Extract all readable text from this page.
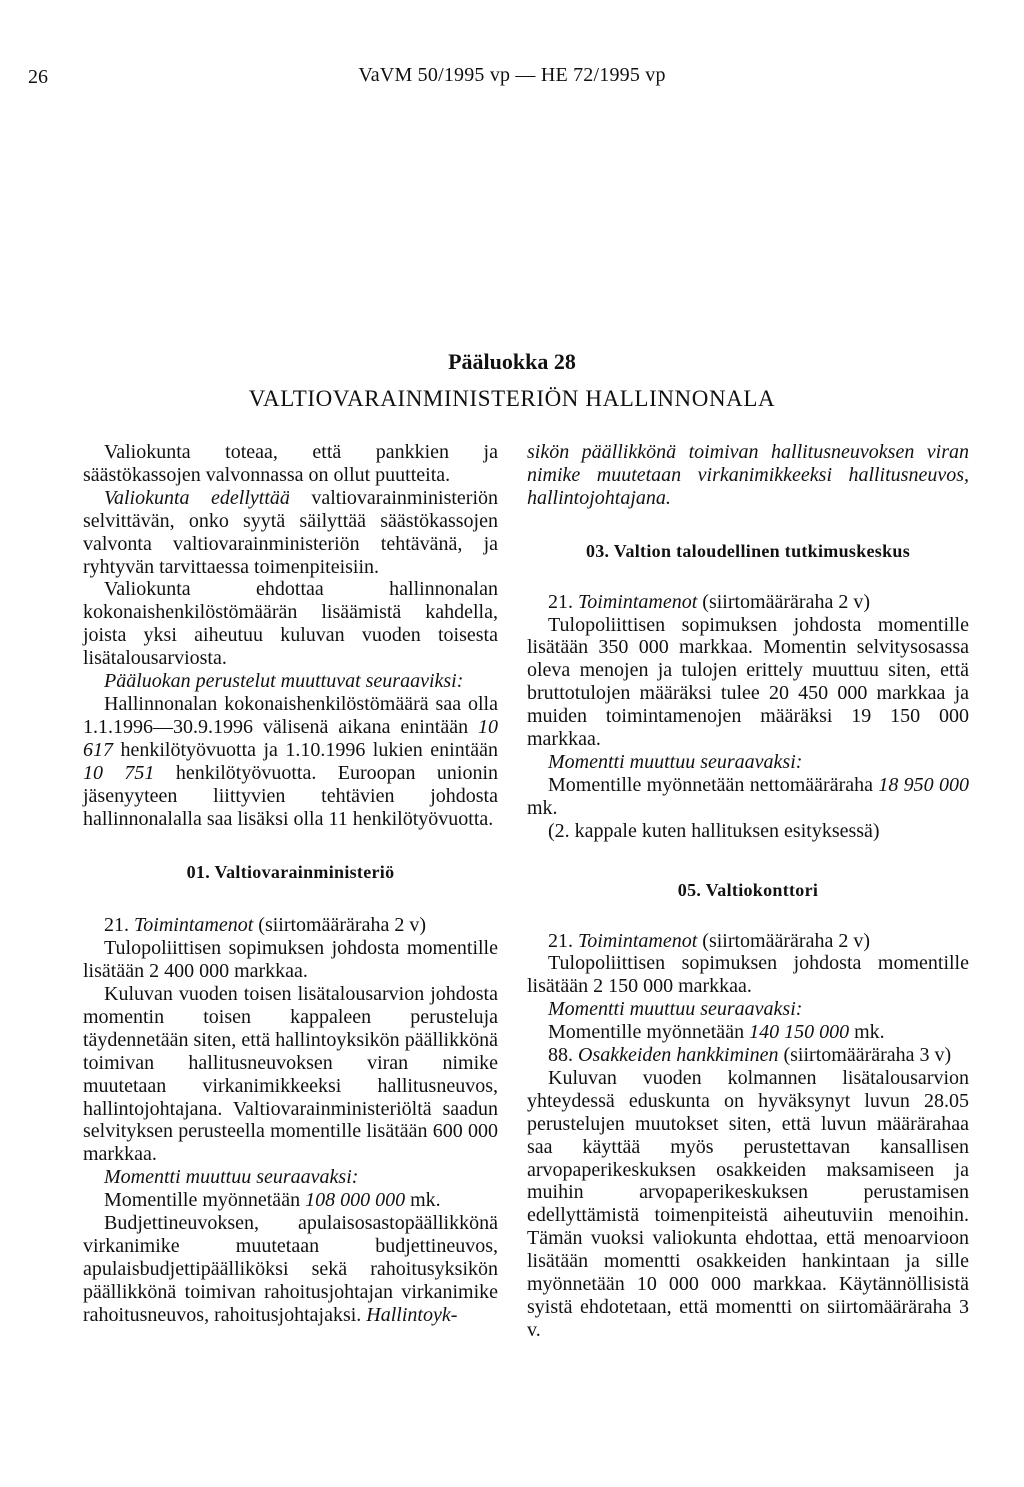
26	VaVM 50/1995 vp — HE 72/1995 vp
Pääluokka 28
VALTIOVARAINMINISTERIÖN HALLINNONALA

Valiokunta toteaa, että pankkien ja säästökassojen valvonnassa on ollut puutteita.

Valiokunta edellyttää valtiovarainministeriön selvittävän, onko syytä säilyttää säästökassojen valvonta valtiovarainministeriön tehtävänä, ja ryhtyvän tarvittaessa toimenpiteisiin.

Valiokunta ehdottaa hallinnonalan kokonaishenkilöstömäärän lisäämistä kahdella, joista yksi aiheutuu kuluvan vuoden toisesta lisätalousarviosta.

Pääluokan perustelut muuttuvat seuraaviksi:

Hallinnonalan kokonaishenkilöstömäärä saa olla 1.1.1996—30.9.1996 välisenä aikana enintään 10 617 henkilötyövuotta ja 1.10.1996 lukien enintään 10 751 henkilötyövuotta. Euroopan unionin jäsenyyteen liittyvien tehtävien johdosta hallinnonalalla saa lisäksi olla 11 henkilötyövuotta.

01. Valtiovarainministeriö

21. Toimintamenot (siirtomääräraha 2 v)

Tulopoliittisen sopimuksen johdosta momentille lisätään 2 400 000 markkaa.

Kuluvan vuoden toisen lisätalousarvion johdosta momentin toisen kappaleen perusteluja täydennetään siten, että hallintoyksikön päällikkönä toimivan hallitusneuvoksen viran nimike muutetaan virkanimikkeeksi hallitusneuvos, hallintojohtajana. Valtiovarainministeriöltä saadun selvityksen perusteella momentille lisätään 600 000 markkaa.

Momentti muuttuu seuraavaksi:

Momentille myönnetään 108 000 000 mk.

Budjettineuvoksen, apulaisosastopäällikkönä virkanimike muutetaan budjettineuvos, apulaisbudjettipäälliköksi sekä rahoitusyksikön päällikkönä toimivan rahoitusjohtajan virkanimike rahoitusneuvos, rahoitusjohtajaksi. Hallintoyk-

sikön päällikkönä toimivan hallitusneuvoksen viran nimike muutetaan virkanimikkeeksi hallitusneuvos, hallintojohtajana.

03. Valtion taloudellinen tutkimuskeskus

21. Toimintamenot (siirtomääräraha 2 v)

Tulopoliittisen sopimuksen johdosta momentille lisätään 350 000 markkaa. Momentin selvitysosassa oleva menojen ja tulojen erittely muuttuu siten, että bruttotulojen määräksi tulee 20 450 000 markkaa ja muiden toimintamenojen määräksi 19 150 000 markkaa.

Momentti muuttuu seuraavaksi:

Momentille myönnetään nettomääräraha 18 950 000 mk.

(2. kappale kuten hallituksen esityksessä)

05. Valtiokonttori

21. Toimintamenot (siirtomääräraha 2 v)

Tulopoliittisen sopimuksen johdosta momentille lisätään 2 150 000 markkaa.

Momentti muuttuu seuraavaksi:

Momentille myönnetään 140 150 000 mk.

88. Osakkeiden hankkiminen (siirtomääräraha 3 v)

Kuluvan vuoden kolmannen lisätalousarvion yhteydessä eduskunta on hyväksynyt luvun 28.05 perustelujen muutokset siten, että luvun määrärahaa saa käyttää myös perustettavan kansallisen arvopaperikeskuksen osakkeiden maksamiseen ja muihin arvopaperikeskuksen perustamisen edellyttämistä toimenpiteistä aiheutuviin menoihin. Tämän vuoksi valiokunta ehdottaa, että menoarvioon lisätään momentti osakkeiden hankintaan ja sille myönnetään 10 000 000 markkaa. Käytännöllisistä syistä ehdotetaan, että momentti on siirtomääräraha 3 v.
